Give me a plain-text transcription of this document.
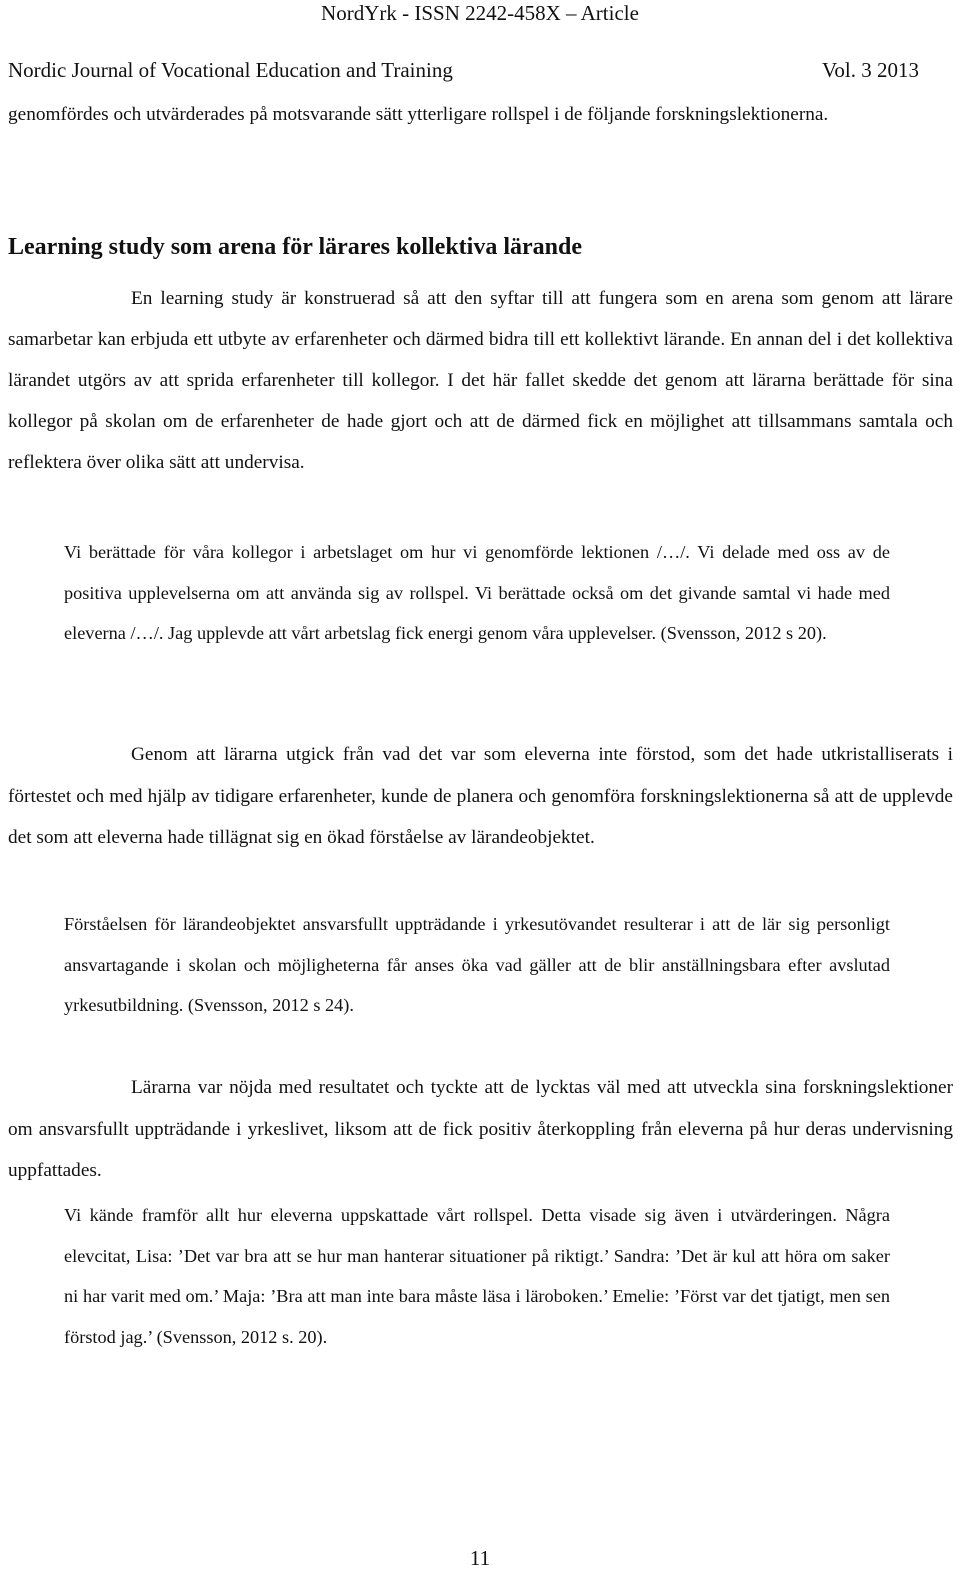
NordYrk - ISSN 2242-458X – Article
Nordic Journal of Vocational Education and Training	Vol. 3 2013
genomfördes och utvärderades på motsvarande sätt ytterligare rollspel i de följande forskningslektionerna.
Learning study som arena för lärares kollektiva lärande
En learning study är konstruerad så att den syftar till att fungera som en arena som genom att lärare samarbetar kan erbjuda ett utbyte av erfarenheter och därmed bidra till ett kollektivt lärande. En annan del i det kollektiva lärandet utgörs av att sprida erfarenheter till kollegor. I det här fallet skedde det genom att lärarna berättade för sina kollegor på skolan om de erfarenheter de hade gjort och att de därmed fick en möjlighet att tillsammans samtala och reflektera över olika sätt att undervisa.
Vi berättade för våra kollegor i arbetslaget om hur vi genomförde lektionen /…/. Vi delade med oss av de positiva upplevelserna om att använda sig av rollspel. Vi berättade också om det givande samtal vi hade med eleverna /…/. Jag upplevde att vårt arbetslag fick energi genom våra upplevelser. (Svensson, 2012 s 20).
Genom att lärarna utgick från vad det var som eleverna inte förstod, som det hade utkristalliserats i förtestet och med hjälp av tidigare erfarenheter, kunde de planera och genomföra forskningslektionerna så att de upplevde det som att eleverna hade tillägnat sig en ökad förståelse av lärandeobjektet.
Förståelsen för lärandeobjektet ansvarsfullt uppträdande i yrkesutövandet resulterar i att de lär sig personligt ansvartagande i skolan och möjligheterna får anses öka vad gäller att de blir anställningsbara efter avslutad yrkesutbildning. (Svensson, 2012 s 24).
Lärarna var nöjda med resultatet och tyckte att de lycktas väl med att utveckla sina forskningslektioner om ansvarsfullt uppträdande i yrkeslivet, liksom att de fick positiv återkoppling från eleverna på hur deras undervisning uppfattades.
Vi kände framför allt hur eleverna uppskattade vårt rollspel. Detta visade sig även i utvärderingen. Några elevcitat, Lisa: ’Det var bra att se hur man hanterar situationer på riktigt.’ Sandra: ’Det är kul att höra om saker ni har varit med om.’ Maja: ’Bra att man inte bara måste läsa i läroboken.’ Emelie: ’Först var det tjatigt, men sen förstod jag.’ (Svensson, 2012 s. 20).
11
